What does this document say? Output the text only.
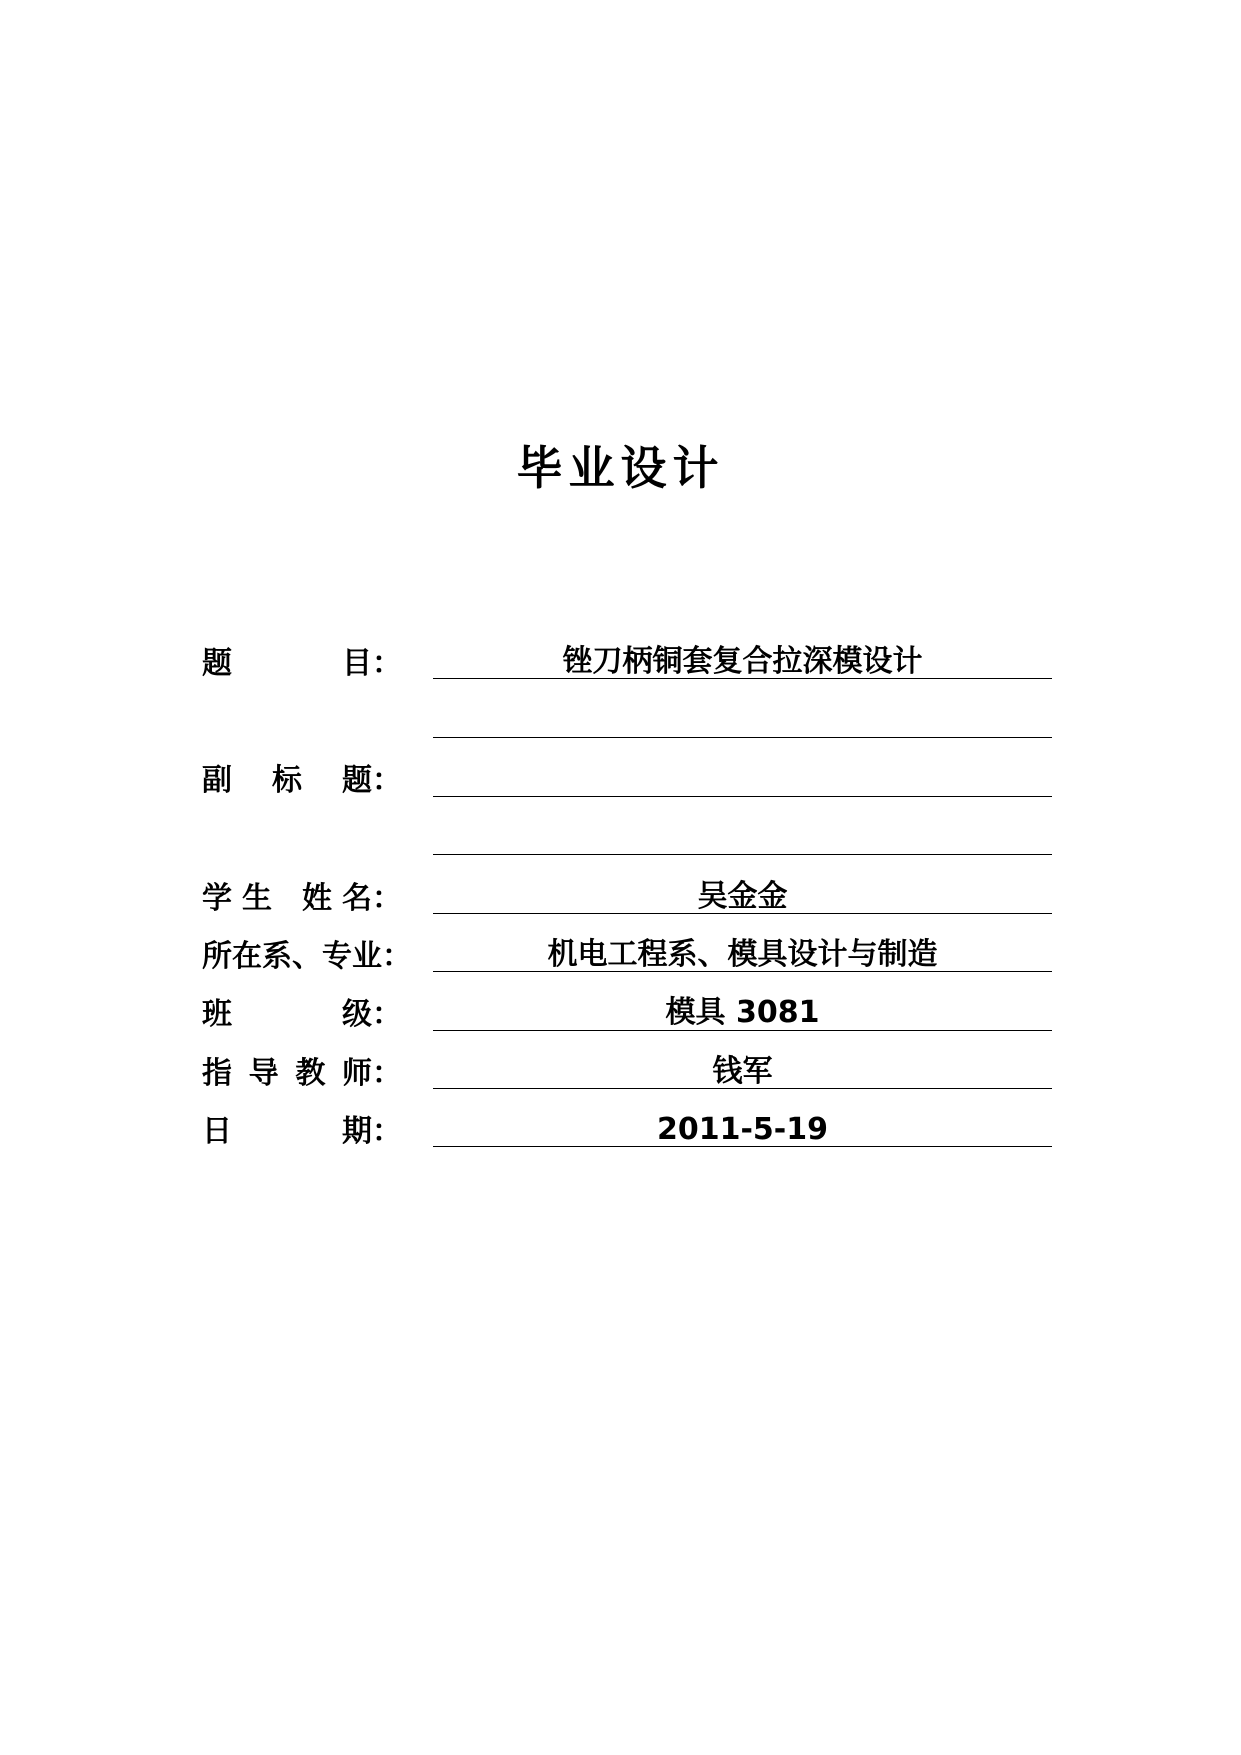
毕业设计
题	目：	锉刀柄铜套复合拉深模设计
副 标 题：
学 生 姓 名：	吴金金
所在系、专业：	机电工程系、模具设计与制造
班	级：	模具 3081
指 导 教 师：	钱军
日	期：	2011-5-19
